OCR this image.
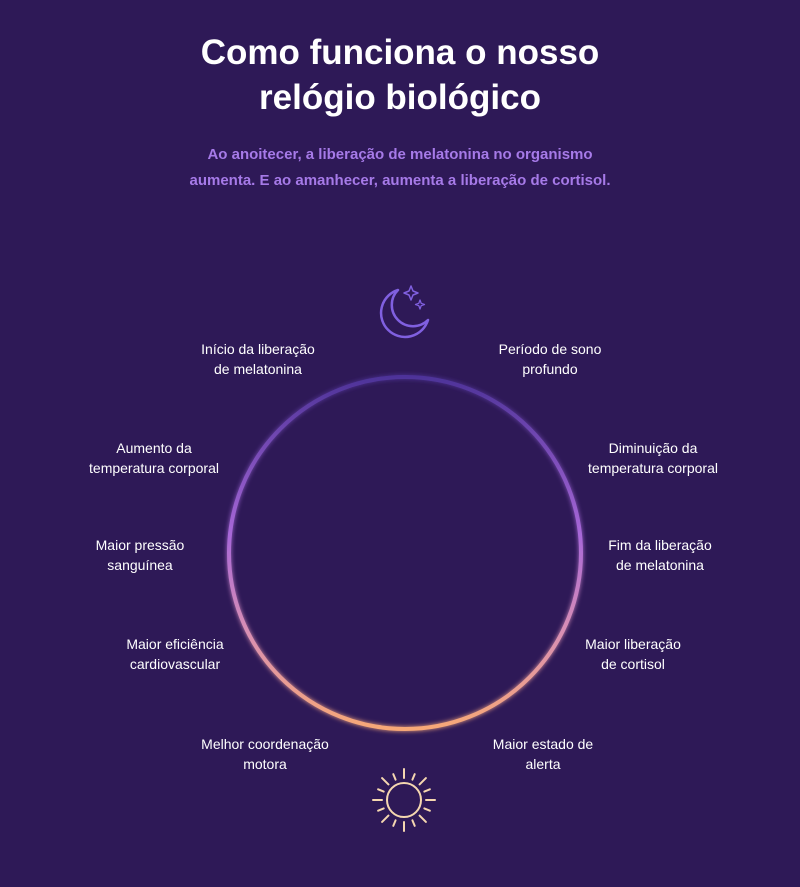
Como funciona o nosso
relógio biológico

Ao anoitecer, a liberação de melatonina no organismo
aumenta. E ao amanhecer, aumenta a liberação de cortisol.

Início da liberação
de melatonina
Aumento da
temperatura corporal
Maior pressão
sanguínea
Maior eficiência
cardiovascular
Melhor coordenação
motora
Período de sono
profundo
Diminuição da
temperatura corporal
Fim da liberação
de melatonina
Maior liberação
de cortisol
Maior estado de
alerta
